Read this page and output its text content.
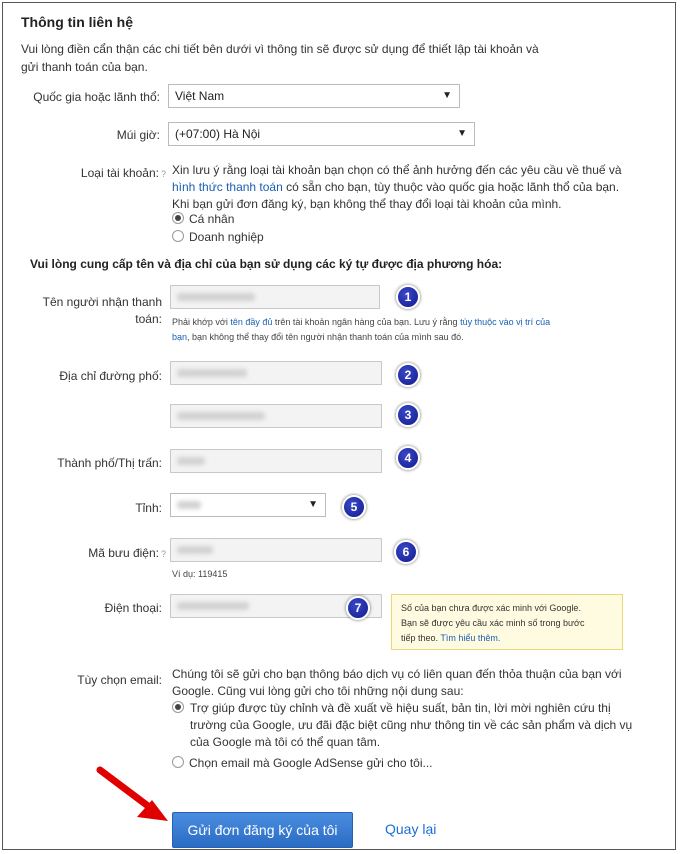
Thông tin liên hệ
Vui lòng điền cẩn thận các chi tiết bên dưới vì thông tin sẽ được sử dụng để thiết lập tài khoản và gửi thanh toán của bạn.
Quốc gia hoặc lãnh thổ:	Việt Nam	▼
Múi giờ:	(+07:00) Hà Nội	▼
Loại tài khoản: ? Xin lưu ý rằng loại tài khoản bạn chọn có thể ảnh hưởng đến các yêu cầu về thuế và
hình thức thanh toán có sẵn cho bạn, tùy thuộc vào quốc gia hoặc lãnh thổ của bạn.
Khi bạn gửi đơn đăng ký, bạn không thể thay đổi loại tài khoản của mình.
Cá nhân
Doanh nghiệp
Vui lòng cung cấp tên và địa chỉ của bạn sử dụng các ký tự được địa phương hóa:
Tên người nhận thanh
toán:
1
Phải khớp với tên đầy đủ trên tài khoản ngân hàng của bạn. Lưu ý rằng tùy thuộc vào vị trí của
bạn, bạn không thể thay đổi tên người nhận thanh toán của mình sau đó.
Địa chỉ đường phố:	2
3
Thành phố/Thị trấn:	4
Tỉnh:	▼	5
Mã bưu điện: ?	6
Ví dụ: 119415
Điện thoại:	7	Số của bạn chưa được xác minh với Google.
Bạn sẽ được yêu cầu xác minh số trong bước
tiếp theo. Tìm hiểu thêm.
Tùy chọn email: Chúng tôi sẽ gửi cho bạn thông báo dịch vụ có liên quan đến thỏa thuận của bạn với
Google. Cũng vui lòng gửi cho tôi những nội dung sau:
Trợ giúp được tùy chỉnh và đề xuất về hiệu suất, bản tin, lời mời nghiên cứu thị
trường của Google, ưu đãi đặc biệt cũng như thông tin về các sản phẩm và dịch vụ
của Google mà tôi có thể quan tâm.
Chọn email mà Google AdSense gửi cho tôi...
Gửi đơn đăng ký của tôi	Quay lại
